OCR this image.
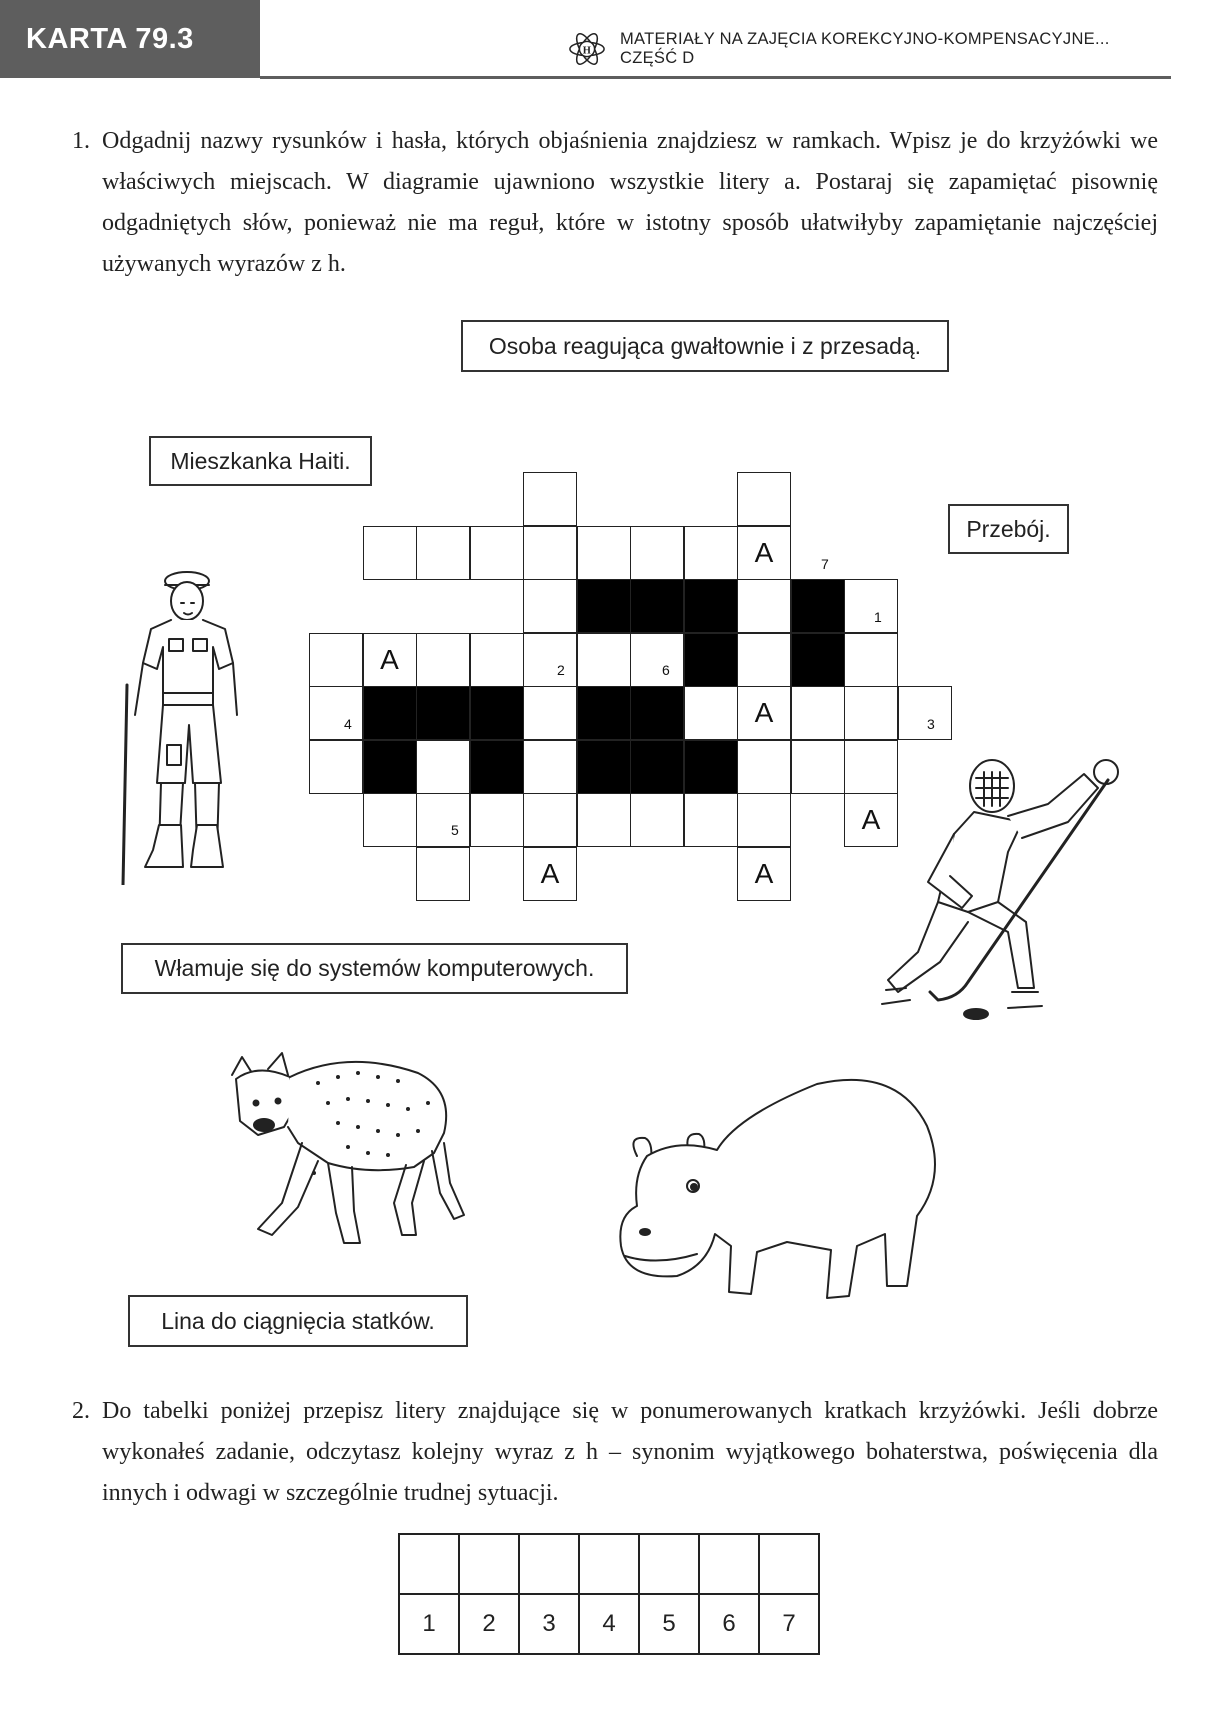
KARTA 79.3	H
MATERIAŁY NA ZAJĘCIA KOREKCYJNO-KOMPENSACYJNE... CZĘŚĆ D
1. Odgadnij nazwy rysunków i hasła, których objaśnienia znajdziesz w ramkach. Wpisz je do krzyżówki we właściwych miejscach. W diagramie ujawniono wszystkie litery a. Postaraj się zapamiętać pisownię odgadniętych słów, ponieważ nie ma reguł, które w istotny sposób ułatwiłyby zapamiętanie najczęściej używanych wyrazów z h.
Osoba reagująca gwałtownie i z przesadą.
Mieszkanka Haiti.
Przebój.
Włamuje się do systemów komputerowych.
Lina do ciągnięcia statków.
A
A
A
A
A	A
1
2
3
4
5
6
7
2. Do tabelki poniżej przepisz litery znajdujące się w ponumerowanych kratkach krzyżówki. Jeśli dobrze wykonałeś zadanie, odczytasz kolejny wyraz z h – synonim wyjątkowego bohaterstwa, poświęcenia dla innych i odwagi w szczególnie trudnej sytuacji.

1	2	3	4	5	6	7
